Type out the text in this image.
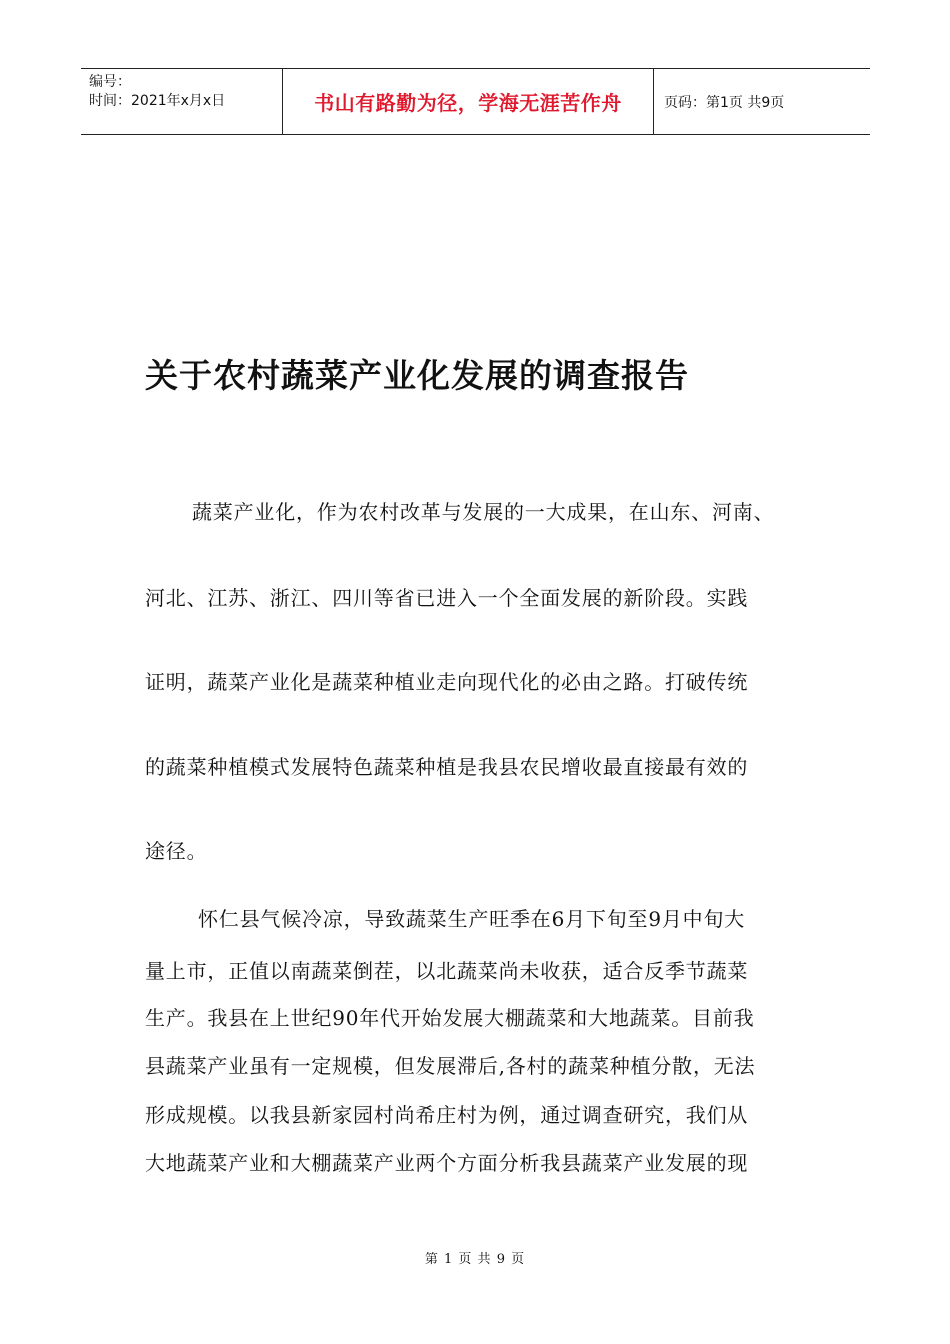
编号：
时间：2021年x月x日	书山有路勤为径，学海无涯苦作舟	页码：第1页 共9页
关于农村蔬菜产业化发展的调查报告
蔬菜产业化，作为农村改革与发展的一大成果，在山东、河南、
河北、江苏、浙江、四川等省已进入一个全面发展的新阶段。实践
证明，蔬菜产业化是蔬菜种植业走向现代化的必由之路。打破传统
的蔬菜种植模式发展特色蔬菜种植是我县农民增收最直接最有效的
途径。
怀仁县气候冷凉，导致蔬菜生产旺季在6月下旬至9月中旬大
量上市，正值以南蔬菜倒茬，以北蔬菜尚未收获，适合反季节蔬菜
生产。我县在上世纪90年代开始发展大棚蔬菜和大地蔬菜。目前我
县蔬菜产业虽有一定规模，但发展滞后,各村的蔬菜种植分散，无法
形成规模。以我县新家园村尚希庄村为例，通过调查研究，我们从
大地蔬菜产业和大棚蔬菜产业两个方面分析我县蔬菜产业发展的现
第 1 页 共 9 页
